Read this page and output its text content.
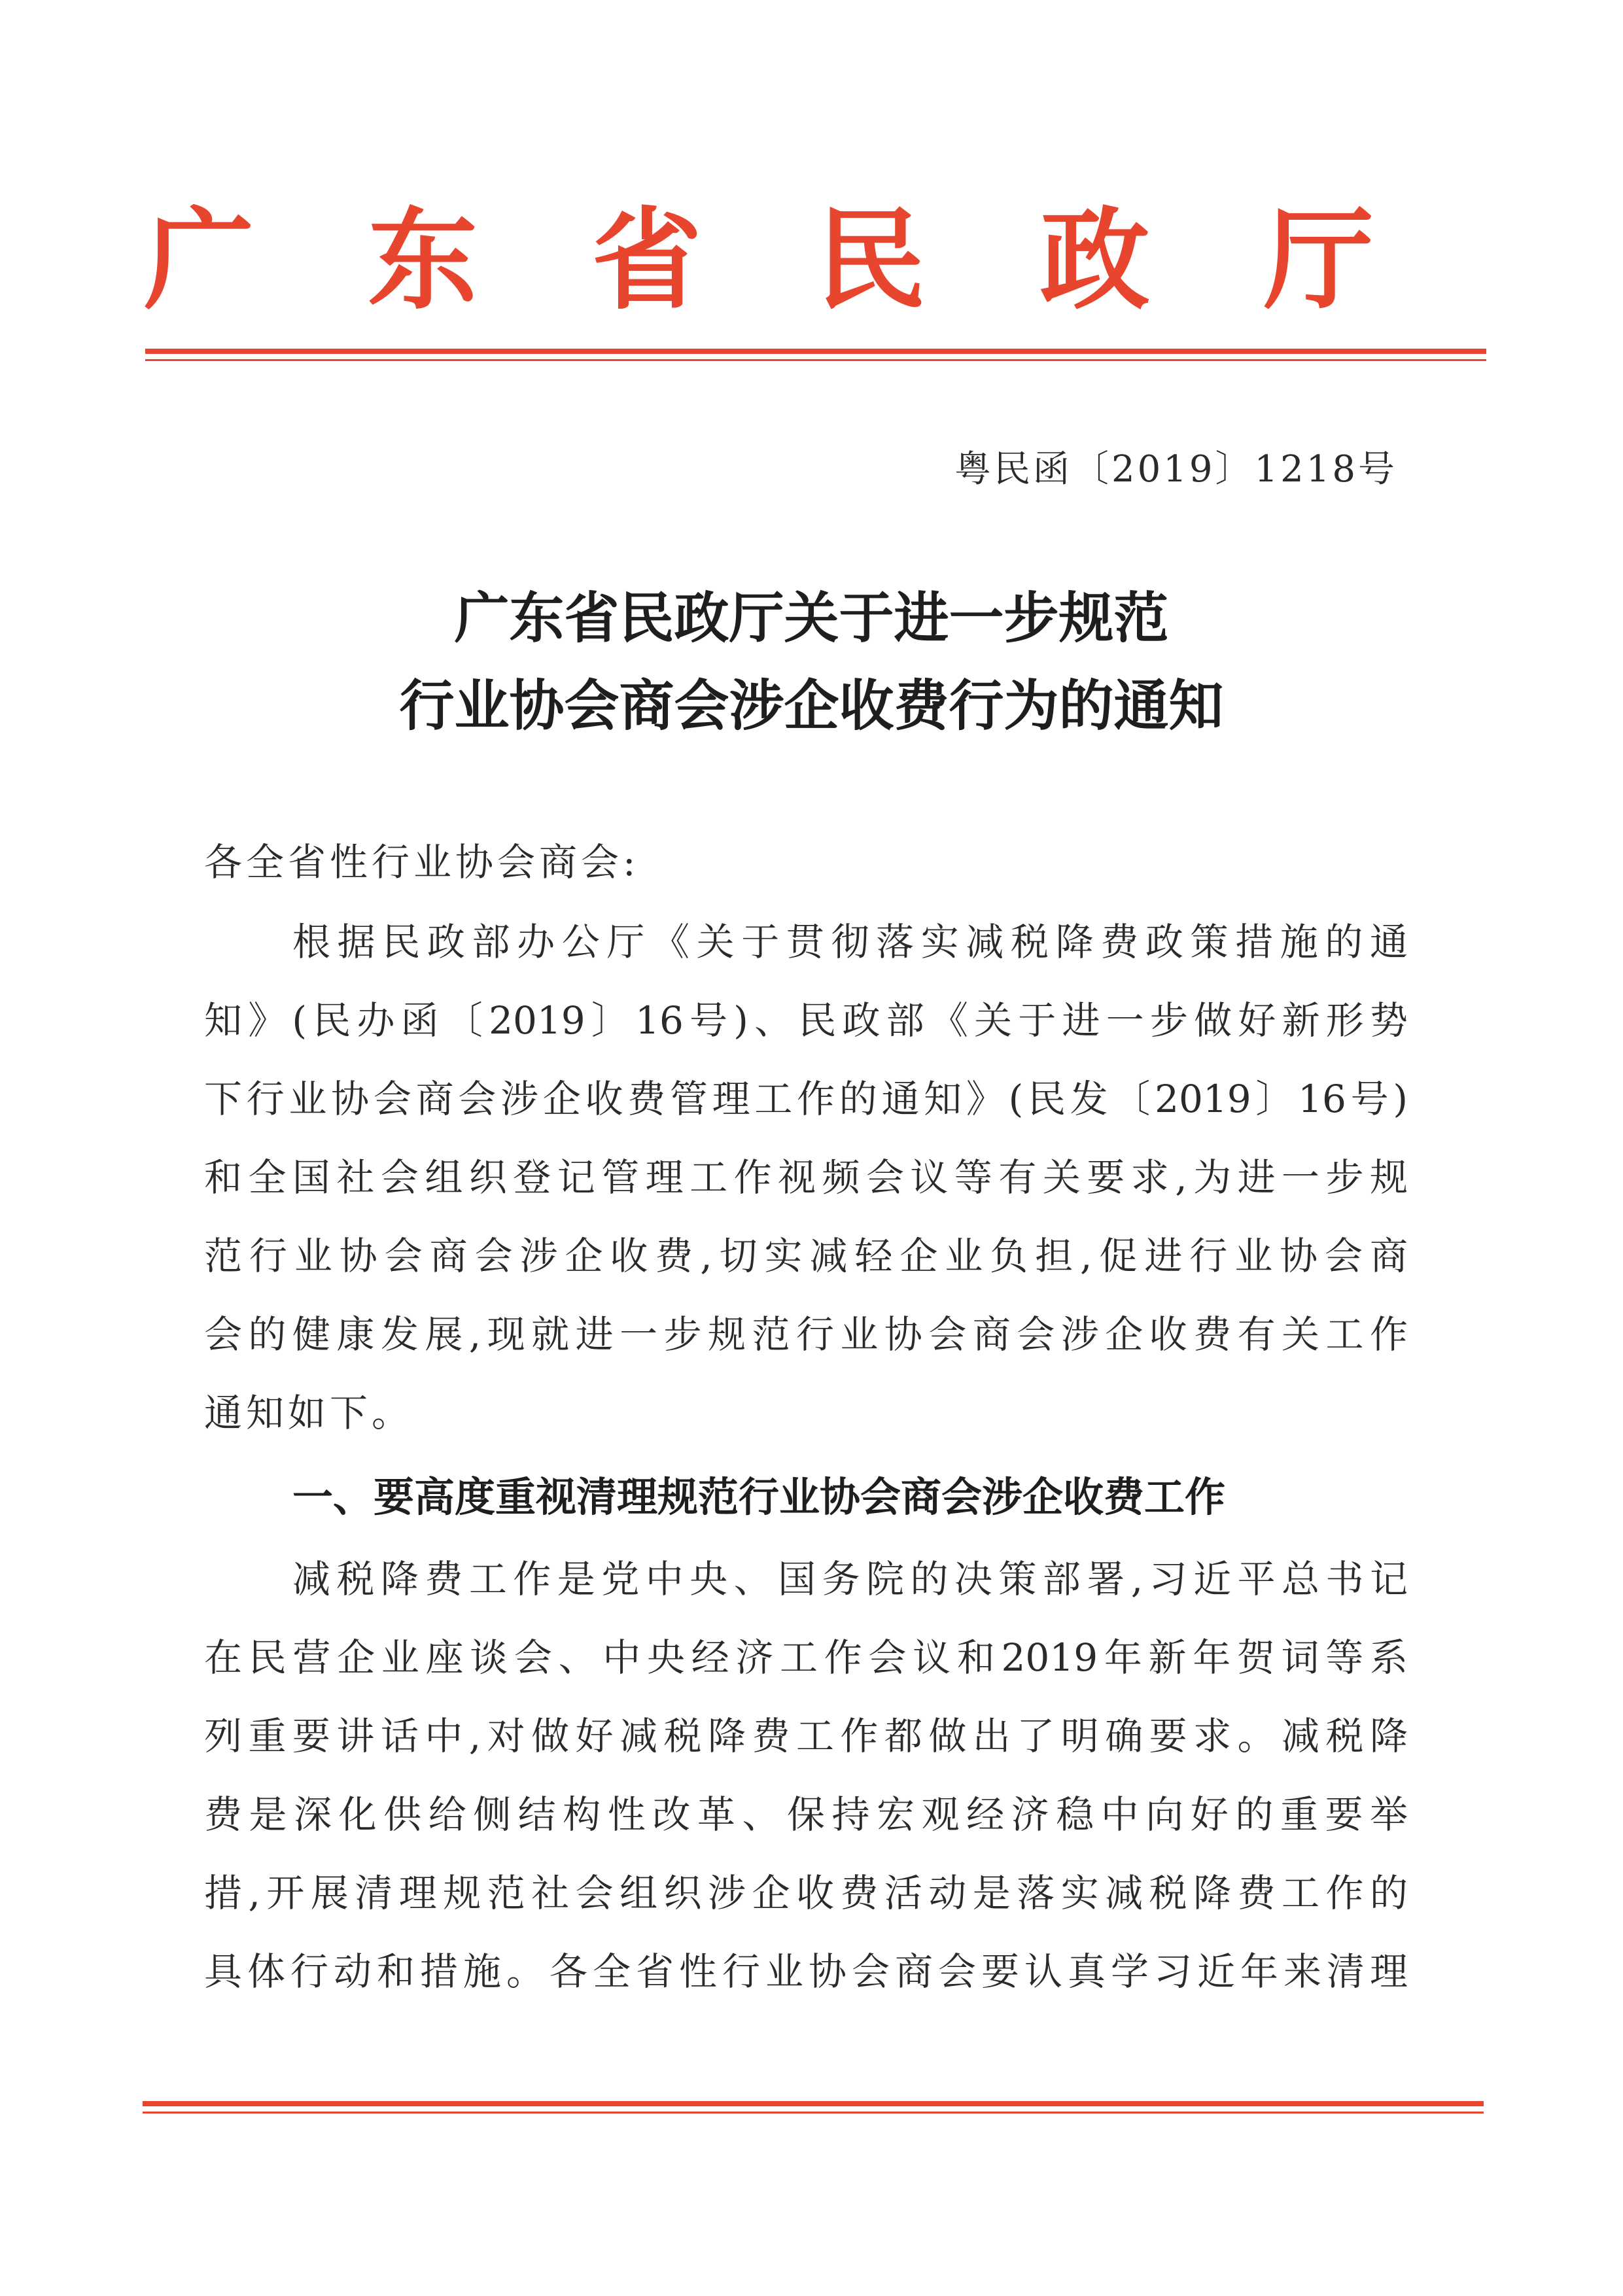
广 东 省 民 政 厅
粤民函〔2019〕1218号
广东省民政厅关于进一步规范
行业协会商会涉企收费行为的通知
各全省性行业协会商会:
根据民政部办公厅《关于贯彻落实减税降费政策措施的通
知》(民办函〔2019〕16号)、民政部《关于进一步做好新形势
下行业协会商会涉企收费管理工作的通知》(民发〔2019〕16号)
和全国社会组织登记管理工作视频会议等有关要求,为进一步规
范行业协会商会涉企收费,切实减轻企业负担,促进行业协会商
会的健康发展,现就进一步规范行业协会商会涉企收费有关工作
通知如下。
一、要高度重视清理规范行业协会商会涉企收费工作
减税降费工作是党中央、国务院的决策部署,习近平总书记
在民营企业座谈会、中央经济工作会议和2019年新年贺词等系
列重要讲话中,对做好减税降费工作都做出了明确要求。减税降
费是深化供给侧结构性改革、保持宏观经济稳中向好的重要举
措,开展清理规范社会组织涉企收费活动是落实减税降费工作的
具体行动和措施。各全省性行业协会商会要认真学习近年来清理
